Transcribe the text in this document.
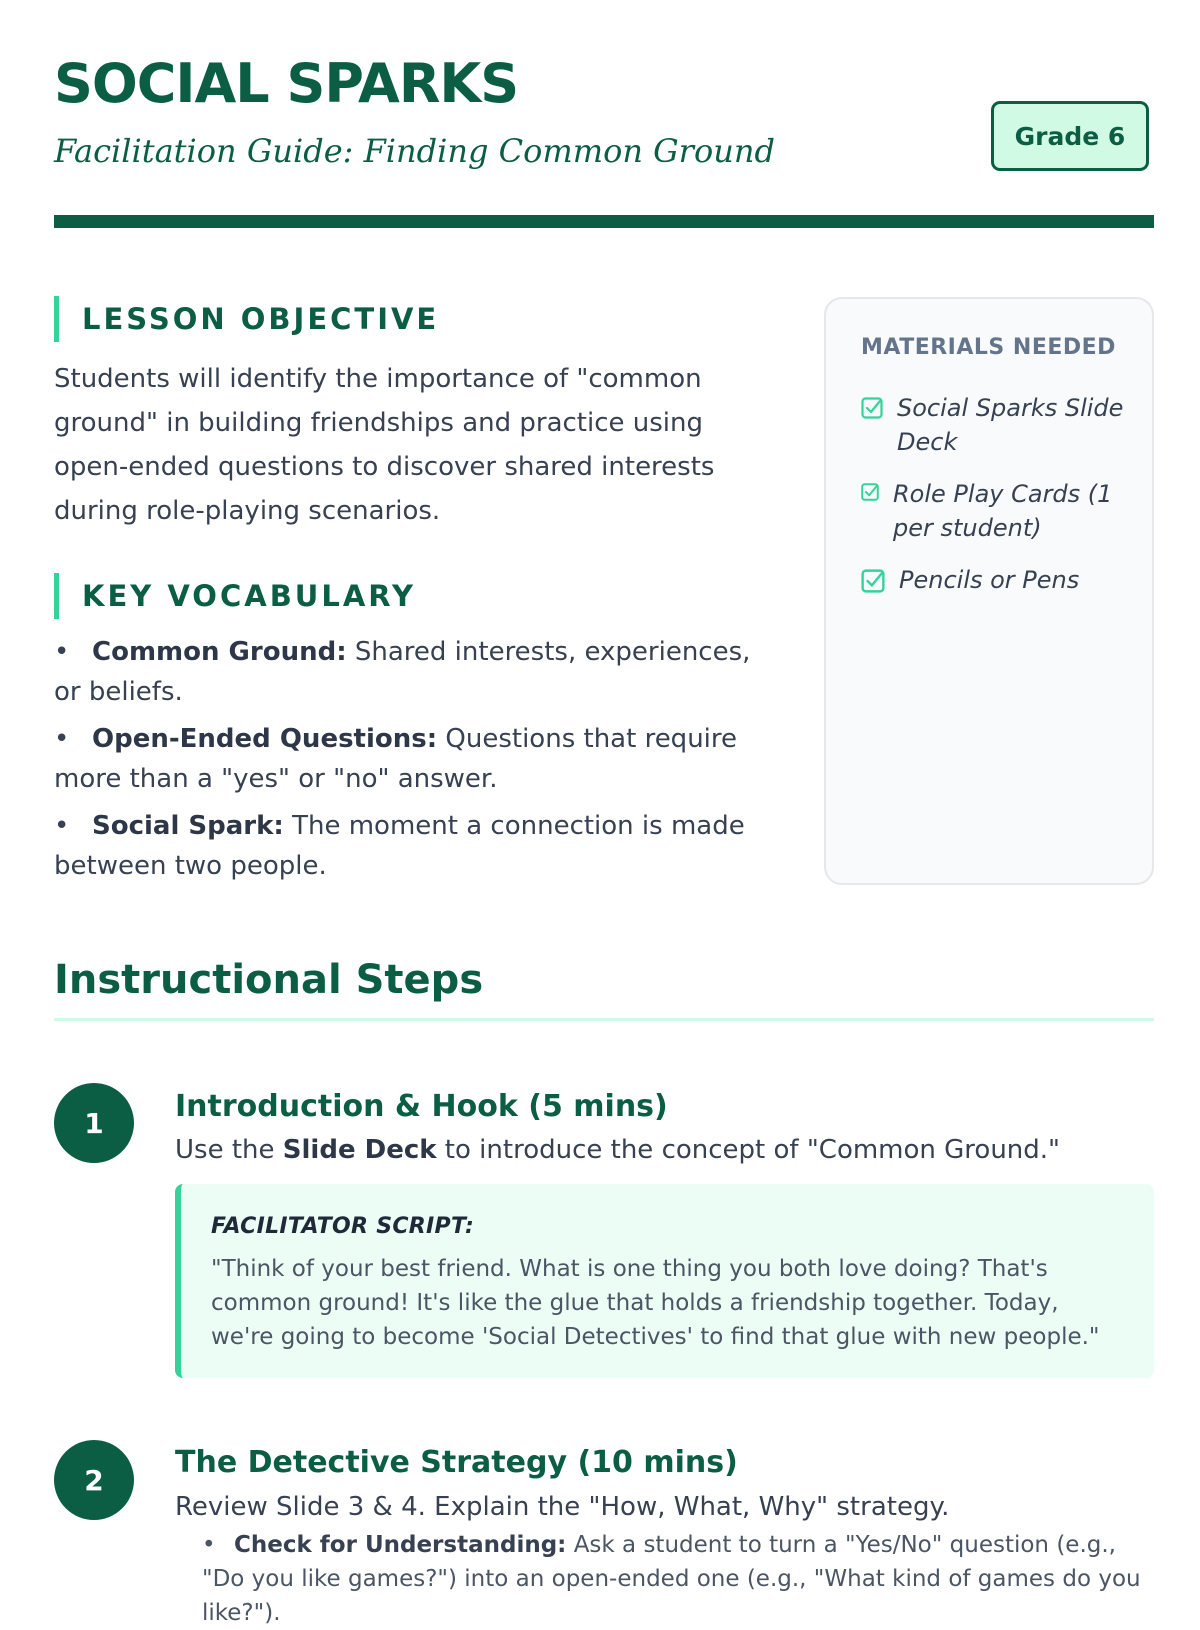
SOCIAL SPARKS

Facilitation Guide: Finding Common Ground	Grade 6
LESSON OBJECTIVE

Students will identify the importance of "common ground" in building friendships and practice using open-ended questions to discover shared interests during role-playing scenarios.

KEY VOCABULARY
• Common Ground: Shared interests, experiences, or beliefs.
• Open-Ended Questions: Questions that require more than a "yes" or "no" answer.
• Social Spark: The moment a connection is made between two people.
MATERIALS NEEDED
Social Sparks Slide Deck
Role Play Cards (1 per student)
Pencils or Pens
Instructional Steps
1	Introduction & Hook (5 mins)
Use the Slide Deck to introduce the concept of "Common Ground."
FACILITATOR SCRIPT:
"Think of your best friend. What is one thing you both love doing? That's common ground! It's like the glue that holds a friendship together. Today, we're going to become 'Social Detectives' to find that glue with new people."
2	The Detective Strategy (10 mins)
Review Slide 3 & 4. Explain the "How, What, Why" strategy.
• Check for Understanding: Ask a student to turn a "Yes/No" question (e.g., "Do you like games?") into an open-ended one (e.g., "What kind of games do you like?").
